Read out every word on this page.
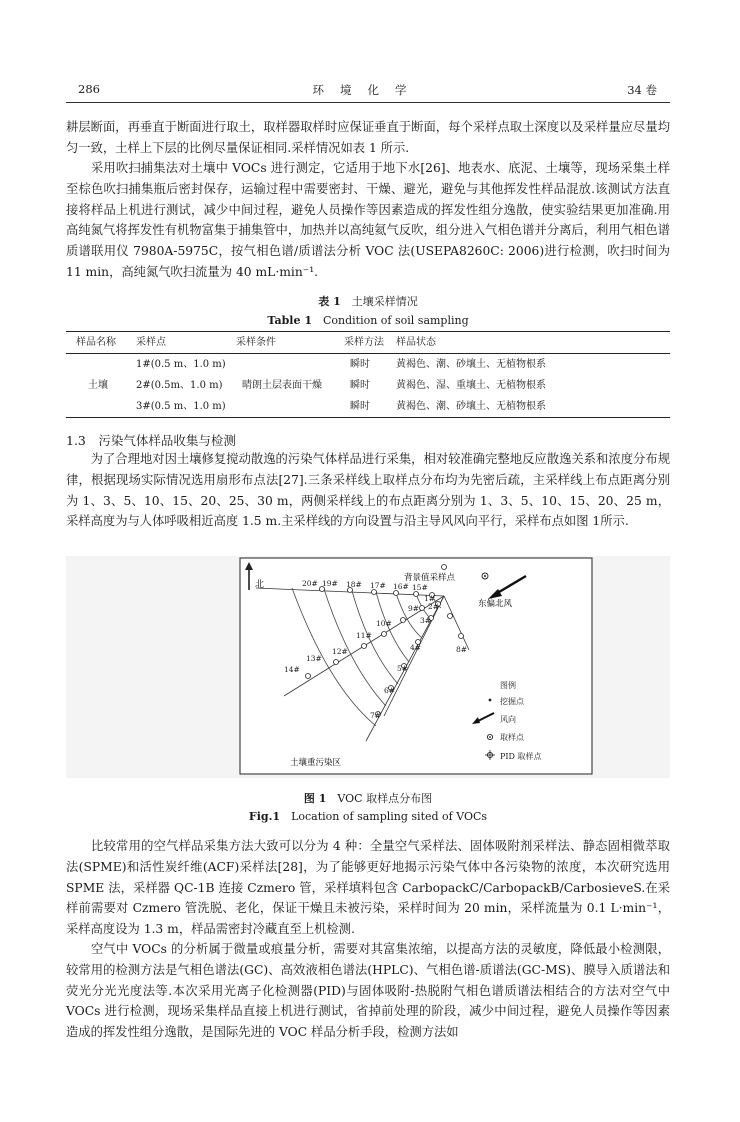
286	环境化学	34 卷

耕层断面，再垂直于断面进行取土，取样器取样时应保证垂直于断面，每个采样点取土深度以及采样量应尽量均匀一致，土样上下层的比例尽量保证相同.采样情况如表 1 所示.

　　采用吹扫捕集法对土壤中 VOCs 进行测定，它适用于地下水[26]、地表水、底泥、土壤等，现场采集土样至棕色吹扫捕集瓶后密封保存，运输过程中需要密封、干燥、避光，避免与其他挥发性样品混放.该测试方法直接将样品上机进行测试，减少中间过程，避免人员操作等因素造成的挥发性组分逸散，使实验结果更加准确.用高纯氮气将挥发性有机物富集于捕集管中，加热并以高纯氦气反吹，组分进入气相色谱并分离后，利用气相色谱质谱联用仪 7980A-5975C，按气相色谱/质谱法分析 VOC 法(USEPA8260C: 2006)进行检测，吹扫时间为 11 min，高纯氮气吹扫流量为 40 mL·min⁻¹.

表 1　 土壤采样情况
Table 1　 Condition of soil sampling
样品名称	采样点	采样条件	采样方法	样品状态
土壤	1#(0.5 m、1.0 m)	晴朗土层表面干燥	瞬时	黄褐色、潮、砂壤土、无植物根系
	2#(0.5m、1.0 m)		瞬时	黄褐色、湿、重壤土、无植物根系
	3#(0.5 m、1.0 m)		瞬时	黄褐色、潮、砂壤土、无植物根系
1.3　污染气体样品收集与检测

　　为了合理地对因土壤修复搅动散逸的污染气体样品进行采集，相对较准确完整地反应散逸关系和浓度分布规律，根据现场实际情况选用扇形布点法[27].三条采样线上取样点分布均为先密后疏，主采样线上布点距离分别为 1、3、5、10、15、20、25、30 m，两侧采样线上的布点距离分别为 1、3、5、10、15、20、25 m，采样高度为与人体呼吸相近高度 1.5 m.主采样线的方向设置与沿主导风风向平行，采样布点如图 1所示.

北	20# 19# 18# 17# 16# 15#
1#
2#
3#
9#
10#
11#
12#
13#
14#
4#
5#
6#
7#
8#
背景值采样点
东偏北风
图例
挖掘点
风向
取样点
PID 取样点
土壤重污染区
图 1　 VOC 取样点分布图
Fig.1　 Location of sampling sited of VOCs

　　比较常用的空气样品采集方法大致可以分为 4 种：全量空气采样法、固体吸附剂采样法、静态固相微萃取法(SPME)和活性炭纤维(ACF)采样法[28]，为了能够更好地揭示污染气体中各污染物的浓度，本次研究选用 SPME 法，采样器 QC-1B 连接 Czmero 管，采样填料包含 CarbopackC/CarbopackB/CarbosieveS.在采样前需要对 Czmero 管洗脱、老化，保证干燥且未被污染，采样时间为 20 min，采样流量为 0.1 L·min⁻¹，采样高度设为 1.3 m，样品需密封冷藏直至上机检测.

　　空气中 VOCs 的分析属于微量或痕量分析，需要对其富集浓缩，以提高方法的灵敏度，降低最小检测限，较常用的检测方法是气相色谱法(GC)、高效液相色谱法(HPLC)、气相色谱-质谱法(GC-MS)、膜导入质谱法和荧光分光光度法等.本次采用光离子化检测器(PID)与固体吸附-热脱附气相色谱质谱法相结合的方法对空气中 VOCs 进行检测，现场采集样品直接上机进行测试，省掉前处理的阶段，减少中间过程，避免人员操作等因素造成的挥发性组分逸散，是国际先进的 VOC 样品分析手段，检测方法如
